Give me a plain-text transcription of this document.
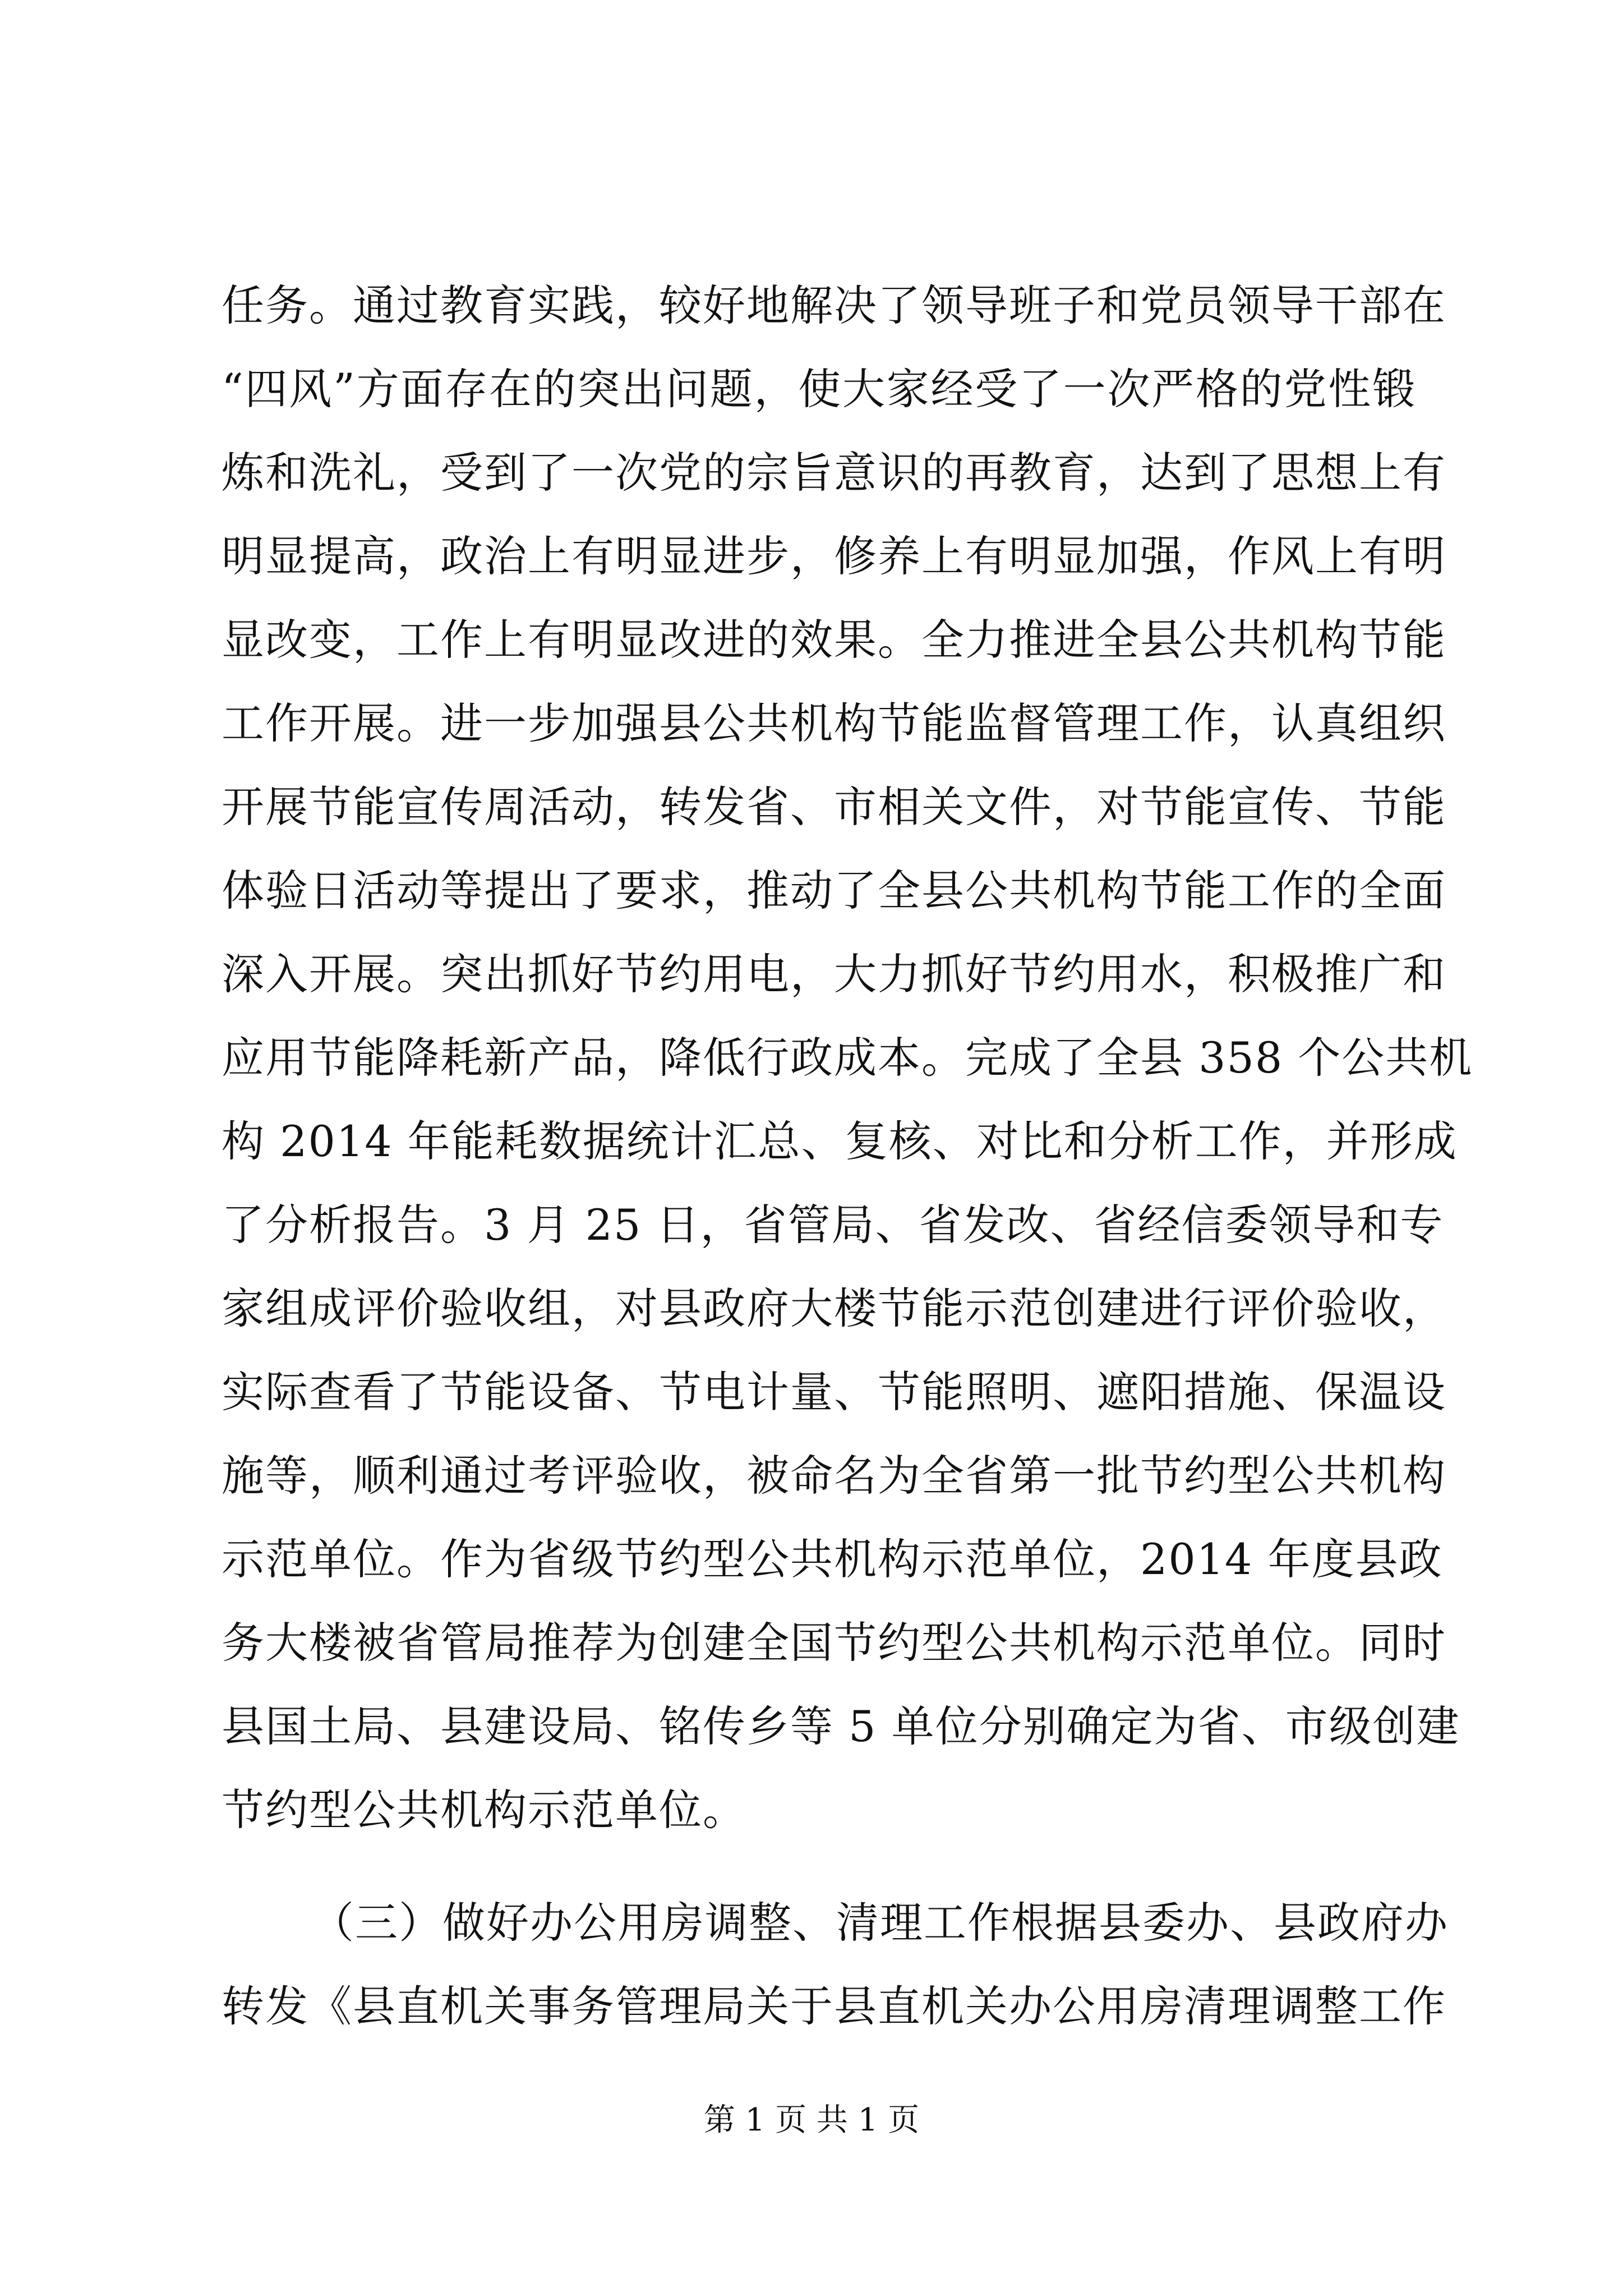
任务。通过教育实践，较好地解决了领导班子和党员领导干部在
“四风”方面存在的突出问题，使大家经受了一次严格的党性锻
炼和洗礼，受到了一次党的宗旨意识的再教育，达到了思想上有
明显提高，政治上有明显进步，修养上有明显加强，作风上有明
显改变，工作上有明显改进的效果。全力推进全县公共机构节能
工作开展。进一步加强县公共机构节能监督管理工作，认真组织
开展节能宣传周活动，转发省、市相关文件，对节能宣传、节能
体验日活动等提出了要求，推动了全县公共机构节能工作的全面
深入开展。突出抓好节约用电，大力抓好节约用水，积极推广和
应用节能降耗新产品，降低行政成本。完成了全县 358 个公共机
构 2014 年能耗数据统计汇总、复核、对比和分析工作，并形成
了分析报告。3 月 25 日，省管局、省发改、省经信委领导和专
家组成评价验收组，对县政府大楼节能示范创建进行评价验收，
实际查看了节能设备、节电计量、节能照明、遮阳措施、保温设
施等，顺利通过考评验收，被命名为全省第一批节约型公共机构
示范单位。作为省级节约型公共机构示范单位，2014 年度县政
务大楼被省管局推荐为创建全国节约型公共机构示范单位。同时
县国土局、县建设局、铭传乡等 5 单位分别确定为省、市级创建
节约型公共机构示范单位。
（三）做好办公用房调整、清理工作根据县委办、县政府办
转发《县直机关事务管理局关于县直机关办公用房清理调整工作
第 1 页 共 1 页
